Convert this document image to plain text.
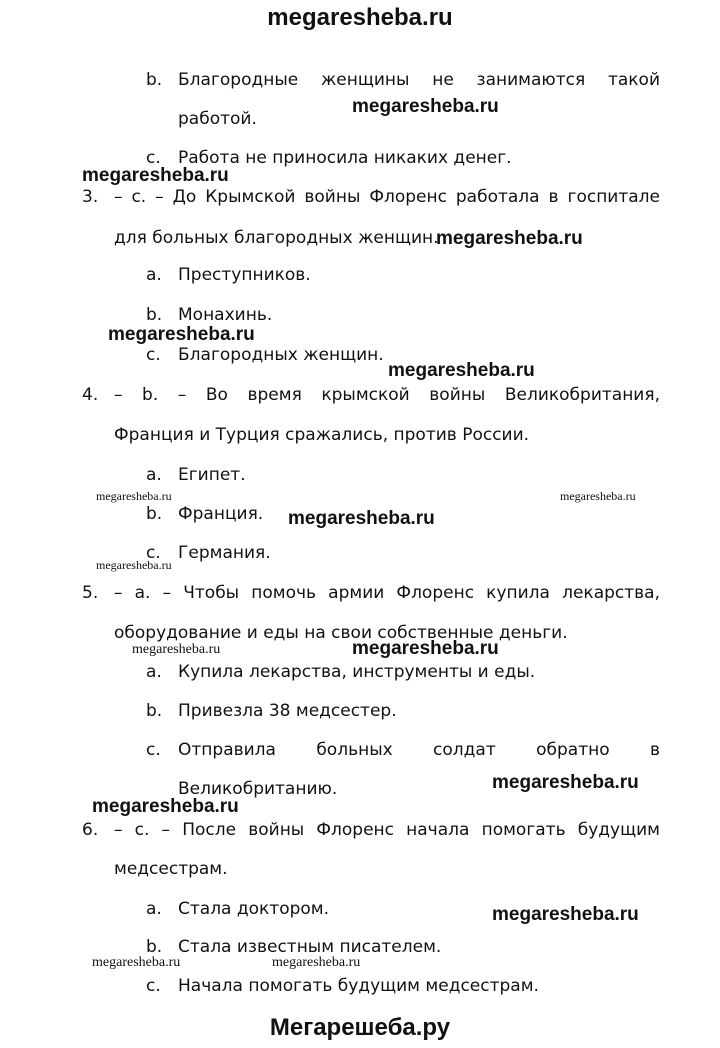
megaresheba.ru
b. Благородные женщины не занимаются такой
работой.
c. Работа не приносила никаких денег.
3. – c. – До Крымской войны Флоренс работала в госпитале
для больных благородных женщин.
a. Преступников.
b. Монахинь.
c. Благородных женщин.
4. – b. – Во время крымской войны Великобритания,
Франция и Турция сражались, против России.
a. Египет.
b. Франция.
c. Германия.
5. – a. – Чтобы помочь армии Флоренс купила лекарства,
оборудование и еды на свои собственные деньги.
a. Купила лекарства, инструменты и еды.
b. Привезла 38 медсестер.
c. Отправила больных солдат обратно в
Великобританию.
6. – c. – После войны Флоренс начала помогать будущим
медсестрам.
a. Стала доктором.
b. Стала известным писателем.
c. Начала помогать будущим медсестрам.
megaresheba.ru
megaresheba.ru
megaresheba.ru
megaresheba.ru
megaresheba.ru
megaresheba.ru	megaresheba.ru
megaresheba.ru
megaresheba.ru
megaresheba.ru	megaresheba.ru
megaresheba.ru
megaresheba.ru
megaresheba.ru
megaresheba.ru	megaresheba.ru
Мегарешеба.ру
